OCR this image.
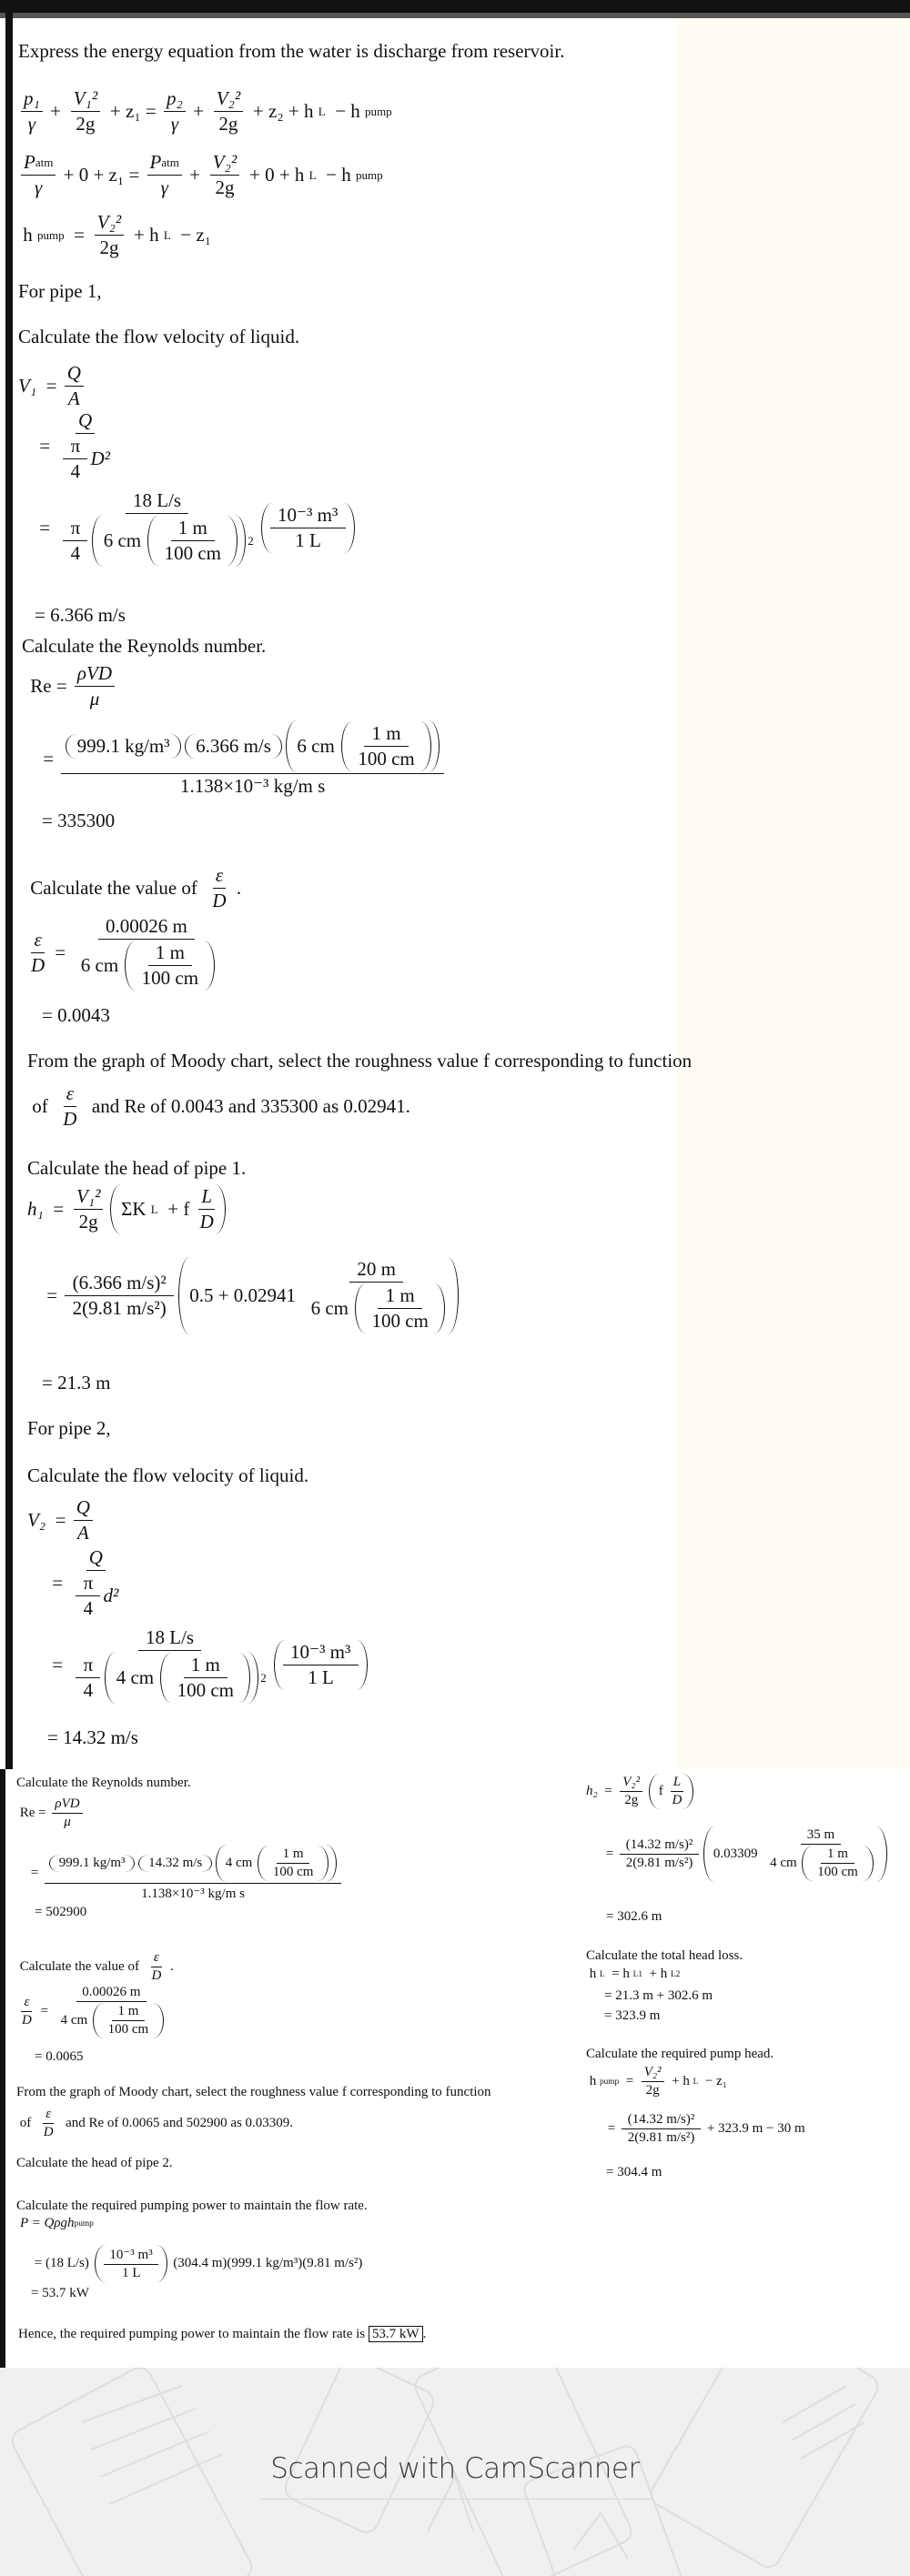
Express the energy equation from the water is discharge from reservoir.
$\frac{\text{p₁}}{\gamma} + \frac{\text{V₁²}}{2g} + z_1 = \frac{\text{p₂}}{\gamma} + \frac{\text{V₂²}}{2g} + z_2 + h$ L − h pump
$\frac{\text{P atm}}{\gamma} + 0 + z_1 = \frac{\text{P atm}}{\gamma} + \frac{\text{V₂²}}{2g} + 0 + h$ L − h pump
h pump = $\frac{\text{V₂²}}{2g} + h$ L − z₁
For pipe 1,
Calculate the flow velocity of liquid.
$V_1 = \frac{Q}{A}$
= $\frac{Q}{\frac{\pi}{4} D^2}$
= $\frac{18 L/s}{\frac{\pi}{4} 6 cm \frac{1 m}{100 cm} 2} \frac{\text{10⁻³ m³}}{1 L}$
= 6.366 m/s
Calculate the Reynolds number.
$Re = \frac{\text{ρVD}}{\mu}$
= $\frac{999.1 kg/m^3 6.366 m/s 6 cm \frac{1 m}{100 cm}}{\text{1.138×10⁻³ kg/m s}}$
= 335300
Calculate the value of $\frac{\varepsilon}{D}$ .
$\frac{\varepsilon}{D} = \frac{0.00026 m}{6 cm \frac{1 m}{100 cm}}$
= 0.0043
From the graph of Moody chart, select the roughness value f corresponding to function
of $\frac{\varepsilon}{D}$ and Re of 0.0043 and 335300 as 0.02941.
Calculate the head of pipe 1.
$h_1 = \frac{\text{V₁²}}{2g}$ ΣK L + f $\frac{L}{D}$
= $\frac{\text{(6.366 m/s)²}}{\text{2(9.81 m/s²)}} 0.5 + 0.02941 \frac{20 m}{6 cm \frac{1 m}{100 cm}}$
= 21.3 m
For pipe 2,
Calculate the flow velocity of liquid.
$V_2 = \frac{Q}{A}$
= $\frac{Q}{\frac{\pi}{4} d^2}$
= $\frac{18 L/s}{\frac{\pi}{4} 4 cm \frac{1 m}{100 cm} 2} \frac{\text{10⁻³ m³}}{1 L}$
= 14.32 m/s
Calculate the Reynolds number.
$Re = \frac{\text{ρVD}}{\mu}$
= $\frac{999.1 kg/m^3 14.32 m/s 4 cm \frac{1 m}{100 cm}}{\text{1.138×10⁻³ kg/m s}}$
= 502900
Calculate the value of $\frac{\varepsilon}{D}$ .
$\frac{\varepsilon}{D} = \frac{0.00026 m}{4 cm \frac{1 m}{100 cm}}$
= 0.0065
From the graph of Moody chart, select the roughness value f corresponding to function
of $\frac{\varepsilon}{D}$ and Re of 0.0065 and 502900 as 0.03309.
Calculate the head of pipe 2.
Calculate the required pumping power to maintain the flow rate.
P = Qρgh pump
= (18 $L/s) \frac{\text{10⁻³ m³}}{1 L} (304.4$ m)(999.1 kg/m³)(9.81 m/s²)
= 53.7 kW
Hence, the required pumping power to maintain the flow rate is 53.7 kW .
$h_2 = \frac{\text{V₂²}}{2g}$ f $\frac{L}{D}$
= $\frac{\text{(14.32 m/s)²}}{\text{2(9.81 m/s²)}} 0.03309 \frac{35 m}{4 cm \frac{1 m}{100 cm}}$
= 302.6 m
Calculate the total head loss.
h L = h L1 + h L2
= 21.3 m + 302.6 m
= 323.9 m
Calculate the required pump head.
h pump = $\frac{\text{V₂²}}{2g} + h$ L − z₁
= $\frac{\text{(14.32 m/s)²}}{\text{2(9.81 m/s²)}} + 323.9$ m − 30 m
= 304.4 m
Scanned with CamScanner
